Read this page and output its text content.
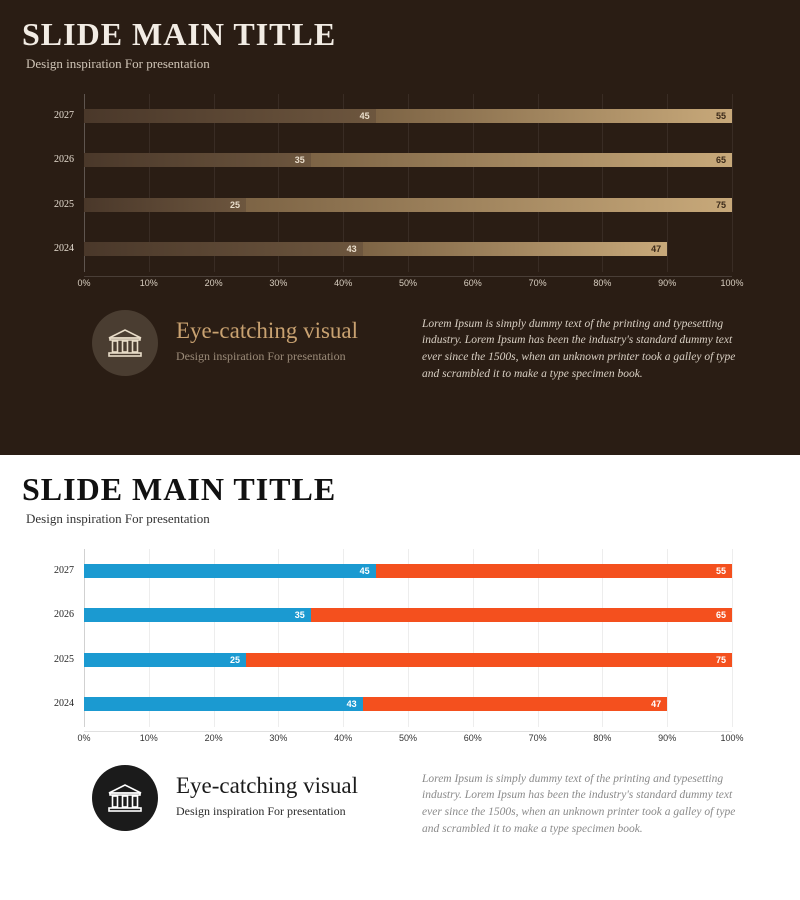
SLIDE MAIN TITLE
Design inspiration For presentation
2027	45	55
2026	35	65
2025	25	75
2024	43	47
0%	10%	20%	30%	40%	50%	60%	70%	80%	90%	100%
Eye-catching visual
Design inspiration For presentation
Lorem Ipsum is simply dummy text of the printing and typesetting industry. Lorem Ipsum has been the industry's standard dummy text ever since the 1500s, when an unknown printer took a galley of type and scrambled it to make a type specimen book.
SLIDE MAIN TITLE
Design inspiration For presentation
2027	45	55
2026	35	65
2025	25	75
2024	43	47
0%	10%	20%	30%	40%	50%	60%	70%	80%	90%	100%
Eye-catching visual
Design inspiration For presentation
Lorem Ipsum is simply dummy text of the printing and typesetting industry. Lorem Ipsum has been the industry's standard dummy text ever since the 1500s, when an unknown printer took a galley of type and scrambled it to make a type specimen book.
